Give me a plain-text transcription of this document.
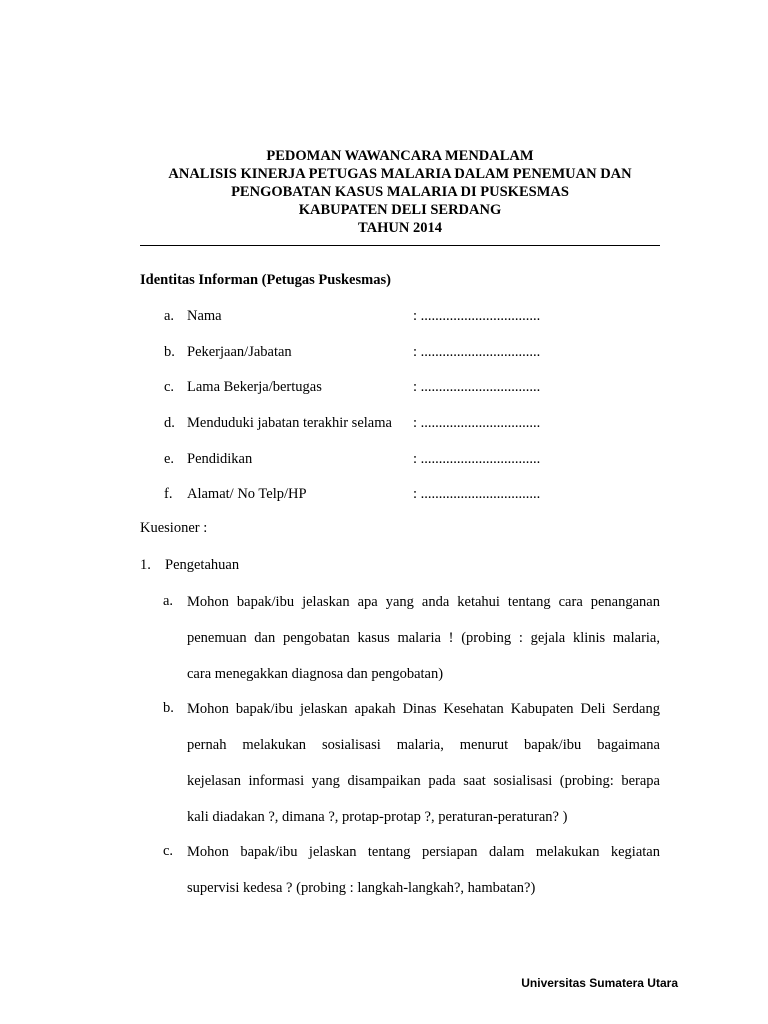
PEDOMAN WAWANCARA MENDALAM
ANALISIS KINERJA PETUGAS MALARIA DALAM PENEMUAN DAN
PENGOBATAN KASUS MALARIA DI PUSKESMAS
KABUPATEN DELI SERDANG
TAHUN 2014
Identitas Informan (Petugas Puskesmas)
a. Nama	: .................................
b. Pekerjaan/Jabatan	: .................................
c. Lama Bekerja/bertugas	: .................................
d. Menduduki jabatan terakhir selama : .................................
e. Pendidikan	: .................................
f. Alamat/ No Telp/HP	: .................................
Kuesioner :
1. Pengetahuan
a. Mohon bapak/ibu jelaskan apa yang anda ketahui tentang cara penanganan
penemuan dan pengobatan kasus malaria ! (probing : gejala klinis malaria,
cara menegakkan diagnosa dan pengobatan)
b. Mohon bapak/ibu jelaskan apakah Dinas Kesehatan Kabupaten Deli Serdang
pernah melakukan sosialisasi malaria, menurut bapak/ibu bagaimana
kejelasan informasi yang disampaikan pada saat sosialisasi (probing: berapa
kali diadakan ?, dimana ?, protap-protap ?, peraturan-peraturan? )
c. Mohon bapak/ibu jelaskan tentang persiapan dalam melakukan kegiatan
supervisi kedesa ? (probing : langkah-langkah?, hambatan?)
Universitas Sumatera Utara
